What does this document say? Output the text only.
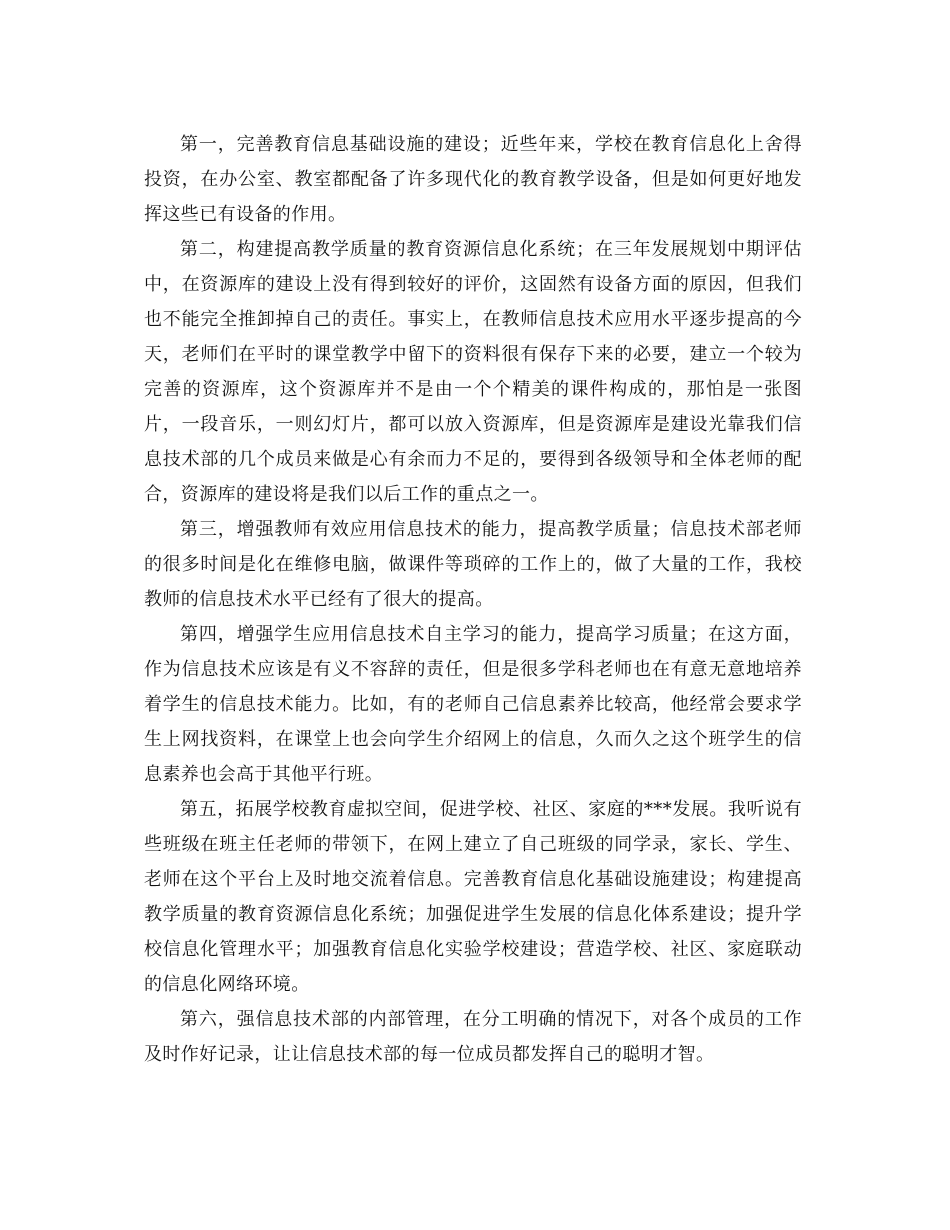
第一，完善教育信息基础设施的建设；近些年来，学校在教育信息化上舍得投资，在办公室、教室都配备了许多现代化的教育教学设备，但是如何更好地发挥这些已有设备的作用。

第二，构建提高教学质量的教育资源信息化系统；在三年发展规划中期评估中，在资源库的建设上没有得到较好的评价，这固然有设备方面的原因，但我们也不能完全推卸掉自己的责任。事实上，在教师信息技术应用水平逐步提高的今天，老师们在平时的课堂教学中留下的资料很有保存下来的必要，建立一个较为完善的资源库，这个资源库并不是由一个个精美的课件构成的，那怕是一张图片，一段音乐，一则幻灯片，都可以放入资源库，但是资源库是建设光靠我们信息技术部的几个成员来做是心有余而力不足的，要得到各级领导和全体老师的配合，资源库的建设将是我们以后工作的重点之一。

第三，增强教师有效应用信息技术的能力，提高教学质量；信息技术部老师的很多时间是化在维修电脑，做课件等琐碎的工作上的，做了大量的工作，我校教师的信息技术水平已经有了很大的提高。

第四，增强学生应用信息技术自主学习的能力，提高学习质量；在这方面，作为信息技术应该是有义不容辞的责任，但是很多学科老师也在有意无意地培养着学生的信息技术能力。比如，有的老师自己信息素养比较高，他经常会要求学生上网找资料，在课堂上也会向学生介绍网上的信息，久而久之这个班学生的信息素养也会高于其他平行班。

第五，拓展学校教育虚拟空间，促进学校、社区、家庭的***发展。我听说有些班级在班主任老师的带领下，在网上建立了自己班级的同学录，家长、学生、老师在这个平台上及时地交流着信息。完善教育信息化基础设施建设；构建提高教学质量的教育资源信息化系统；加强促进学生发展的信息化体系建设；提升学校信息化管理水平；加强教育信息化实验学校建设；营造学校、社区、家庭联动的信息化网络环境。

第六，强信息技术部的内部管理，在分工明确的情况下，对各个成员的工作及时作好记录，让让信息技术部的每一位成员都发挥自己的聪明才智。
